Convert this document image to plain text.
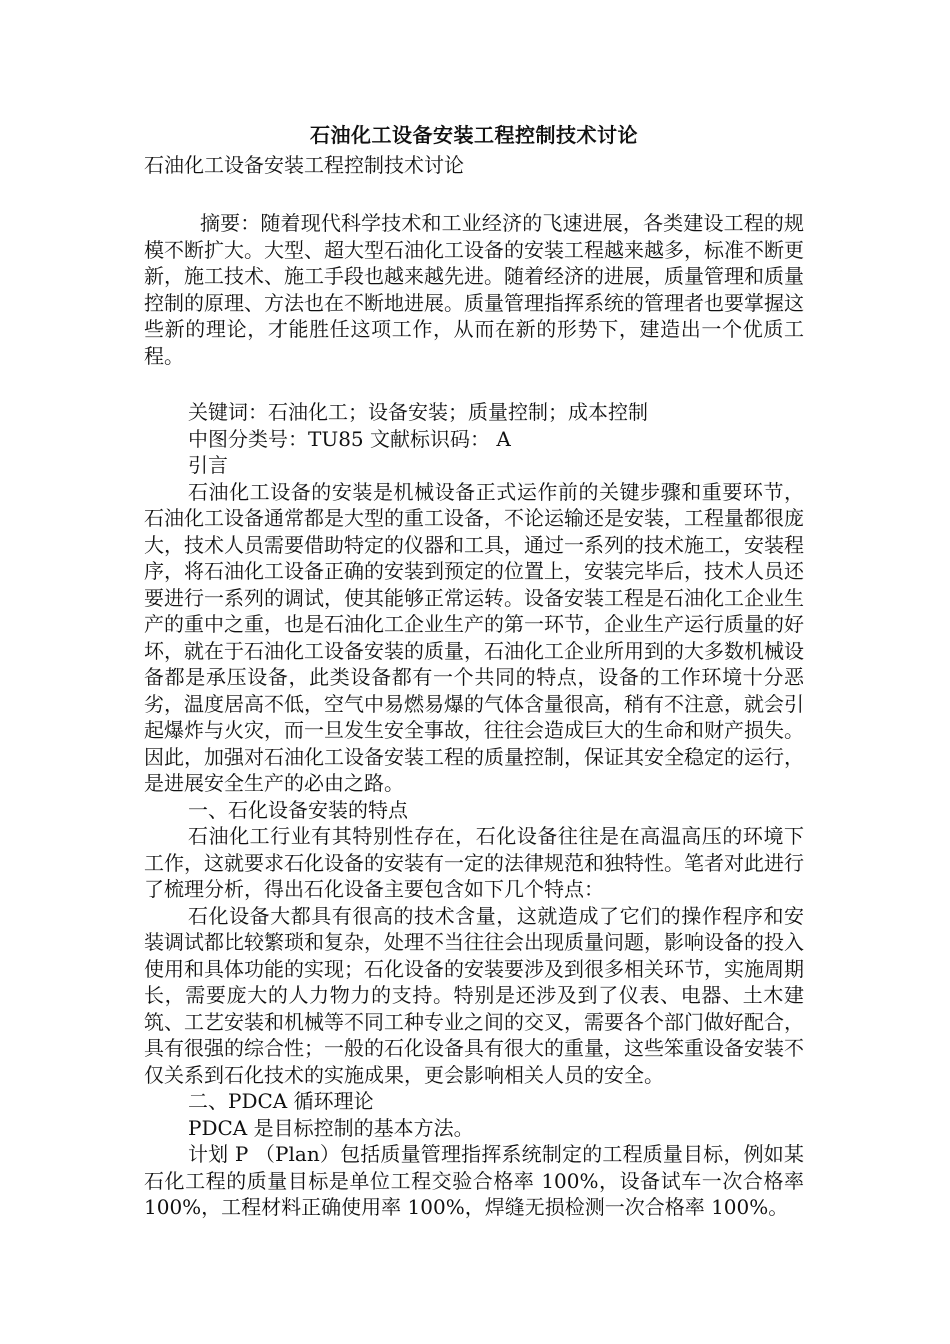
石油化工设备安装工程控制技术讨论

石油化工设备安装工程控制技术讨论

摘要：随着现代科学技术和工业经济的飞速进展，各类建设工程的规模不断扩大。大型、超大型石油化工设备的安装工程越来越多，标准不断更新，施工技术、施工手段也越来越先进。随着经济的进展，质量管理和质量控制的原理、方法也在不断地进展。质量管理指挥系统的管理者也要掌握这些新的理论，才能胜任这项工作，从而在新的形势下，建造出一个优质工程。

关键词：石油化工；设备安装；质量控制；成本控制

中图分类号：TU85 文献标识码： A

引言

石油化工设备的安装是机械设备正式运作前的关键步骤和重要环节，石油化工设备通常都是大型的重工设备，不论运输还是安装，工程量都很庞大，技术人员需要借助特定的仪器和工具，通过一系列的技术施工，安装程序，将石油化工设备正确的安装到预定的位置上，安装完毕后，技术人员还要进行一系列的调试，使其能够正常运转。设备安装工程是石油化工企业生产的重中之重，也是石油化工企业生产的第一环节，企业生产运行质量的好坏，就在于石油化工设备安装的质量，石油化工企业所用到的大多数机械设备都是承压设备，此类设备都有一个共同的特点，设备的工作环境十分恶劣，温度居高不低，空气中易燃易爆的气体含量很高，稍有不注意，就会引起爆炸与火灾，而一旦发生安全事故，往往会造成巨大的生命和财产损失。因此，加强对石油化工设备安装工程的质量控制，保证其安全稳定的运行，是进展安全生产的必由之路。

一、石化设备安装的特点

石油化工行业有其特别性存在，石化设备往往是在高温高压的环境下工作，这就要求石化设备的安装有一定的法律规范和独特性。笔者对此进行了梳理分析，得出石化设备主要包含如下几个特点：

石化设备大都具有很高的技术含量，这就造成了它们的操作程序和安装调试都比较繁琐和复杂，处理不当往往会出现质量问题，影响设备的投入使用和具体功能的实现；石化设备的安装要涉及到很多相关环节，实施周期长，需要庞大的人力物力的支持。特别是还涉及到了仪表、电器、土木建筑、工艺安装和机械等不同工种专业之间的交叉，需要各个部门做好配合，具有很强的综合性；一般的石化设备具有很大的重量，这些笨重设备安装不仅关系到石化技术的实施成果，更会影响相关人员的安全。

二、PDCA 循环理论

PDCA 是目标控制的基本方法。

计划 P （Plan）包括质量管理指挥系统制定的工程质量目标，例如某石化工程的质量目标是单位工程交验合格率 100%，设备试车一次合格率 100%，工程材料正确使用率 100%，焊缝无损检测一次合格率 100%。
